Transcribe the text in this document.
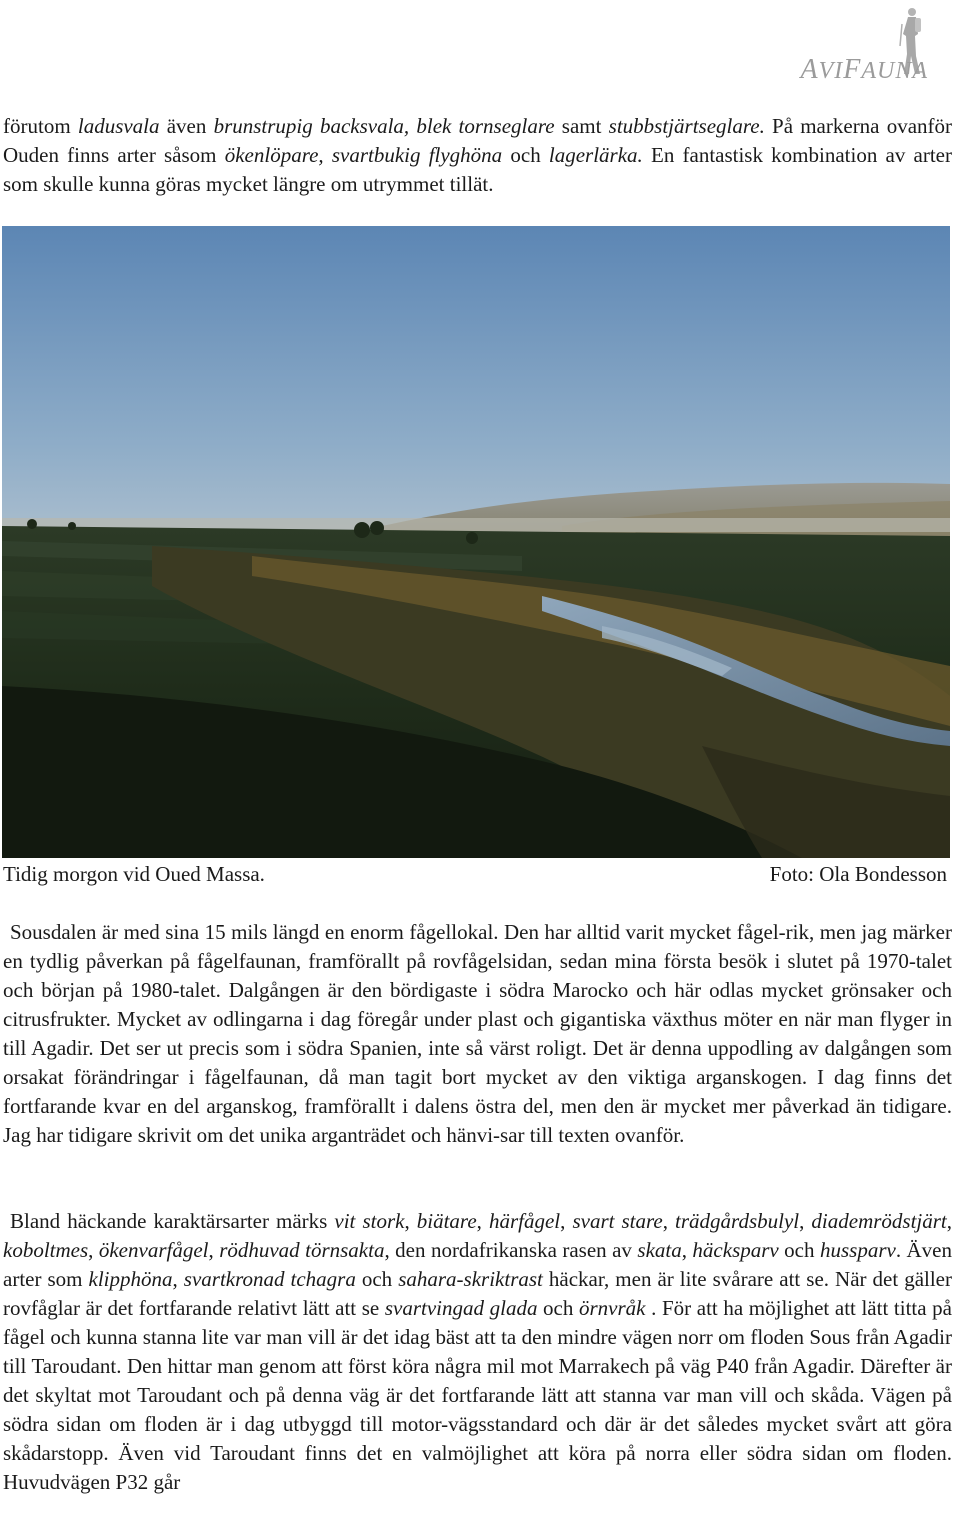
AVIFAUNA

förutom ladusvala även brunstrupig backsvala, blek tornseglare samt stubbstjärtseglare. På markerna ovanför Ouden finns arter såsom ökenlöpare, svartbukig flyghöna och lagerlärka. En fantastisk kombination av arter som skulle kunna göras mycket längre om utrymmet tillät.

Tidig morgon vid Oued Massa.	Foto: Ola Bondesson

Sousdalen är med sina 15 mils längd en enorm fågellokal. Den har alltid varit mycket fågel-rik, men jag märker en tydlig påverkan på fågelfaunan, framförallt på rovfågelsidan, sedan mina första besök i slutet på 1970-talet och början på 1980-talet. Dalgången är den bördigaste i södra Marocko och här odlas mycket grönsaker och citrusfrukter. Mycket av odlingarna i dag föregår under plast och gigantiska växthus möter en när man flyger in till Agadir. Det ser ut precis som i södra Spanien, inte så värst roligt. Det är denna uppodling av dalgången som orsakat förändringar i fågelfaunan, då man tagit bort mycket av den viktiga arganskogen. I dag finns det fortfarande kvar en del arganskog, framförallt i dalens östra del, men den är mycket mer påverkad än tidigare. Jag har tidigare skrivit om det unika arganträdet och hänvi-sar till texten ovanför.

Bland häckande karaktärsarter märks vit stork, biätare, härfågel, svart stare, trädgårdsbulyl, diademrödstjärt, koboltmes, ökenvarfågel, rödhuvad törnsakta, den nordafrikanska rasen av skata, häcksparv och hussparv. Även arter som klipphöna, svartkronad tchagra och sahara-skriktrast häckar, men är lite svårare att se. När det gäller rovfåglar är det fortfarande relativt lätt att se svartvingad glada och örnvråk . För att ha möjlighet att lätt titta på fågel och kunna stanna lite var man vill är det idag bäst att ta den mindre vägen norr om floden Sous från Agadir till Taroudant. Den hittar man genom att först köra några mil mot Marrakech på väg P40 från Agadir. Därefter är det skyltat mot Taroudant och på denna väg är det fortfarande lätt att stanna var man vill och skåda. Vägen på södra sidan om floden är i dag utbyggd till motor-vägsstandard och där är det således mycket svårt att göra skådarstopp. Även vid Taroudant finns det en valmöjlighet att köra på norra eller södra sidan om floden. Huvudvägen P32 går
